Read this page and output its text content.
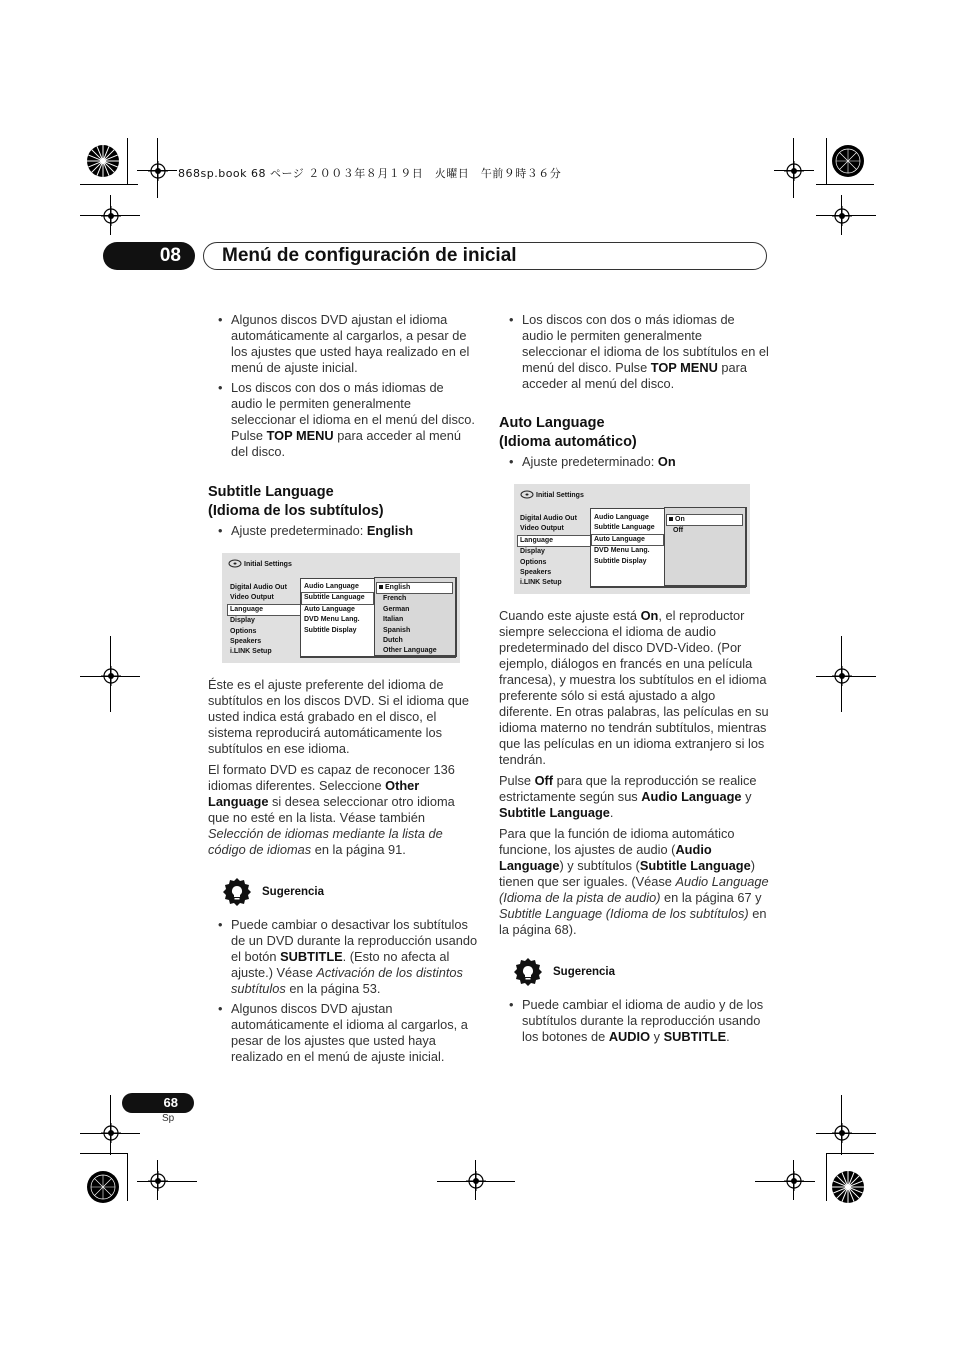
868sp.book 68 ページ ２００３年８月１９日　火曜日　午前９時３６分
08	Menú de configuración de inicial
• Algunos discos DVD ajustan el idioma automáticamente al cargarlos, a pesar de los ajustes que usted haya realizado en el menú de ajuste inicial.
• Los discos con dos o más idiomas de audio le permiten generalmente seleccionar el idioma en el menú del disco. Pulse TOP MENU para acceder al menú del disco.
Subtitle Language
(Idioma de los subtítulos)
• Ajuste predeterminado: English
Initial Settings
Digital Audio Out
Video Output
Language
Display
Options
Speakers
i.LINK Setup
Audio Language
Subtitle Language
Auto Language
DVD Menu Lang.
Subtitle Display
English
French
German
Italian
Spanish
Dutch
Other Language

Éste es el ajuste preferente del idioma de subtítulos en los discos DVD. Si el idioma que usted indica está grabado en el disco, el sistema reproducirá automáticamente los subtítulos en ese idioma.

El formato DVD es capaz de reconocer 136 idiomas diferentes. Seleccione Other Language si desea seleccionar otro idioma que no esté en la lista. Véase también Selección de idiomas mediante la lista de código de idiomas en la página 91.

Sugerencia
• Puede cambiar o desactivar los subtítulos de un DVD durante la reproducción usando el botón SUBTITLE. (Esto no afecta al ajuste.) Véase Activación de los distintos subtítulos en la página 53.
• Algunos discos DVD ajustan automáticamente el idioma al cargarlos, a pesar de los ajustes que usted haya realizado en el menú de ajuste inicial.
• Los discos con dos o más idiomas de audio le permiten generalmente seleccionar el idioma de los subtítulos en el menú del disco. Pulse TOP MENU para acceder al menú del disco.
Auto Language
(Idioma automático)
• Ajuste predeterminado: On
Initial Settings
Digital Audio Out
Video Output
Language
Display
Options
Speakers
i.LINK Setup
Audio Language
Subtitle Language
Auto Language
DVD Menu Lang.
Subtitle Display
On
Off

Cuando este ajuste está On, el reproductor siempre selecciona el idioma de audio predeterminado del disco DVD-Video. (Por ejemplo, diálogos en francés en una película francesa), y muestra los subtítulos en el idioma preferente sólo si está ajustado a algo diferente. En otras palabras, las películas en su idioma materno no tendrán subtítulos, mientras que las películas en un idioma extranjero si los tendrán.

Pulse Off para que la reproducción se realice estrictamente según sus Audio Language y Subtitle Language.

Para que la función de idioma automático funcione, los ajustes de audio (Audio Language) y subtítulos (Subtitle Language) tienen que ser iguales. (Véase Audio Language (Idioma de la pista de audio) en la página 67 y Subtitle Language (Idioma de los subtítulos) en la página 68).

Sugerencia
• Puede cambiar el idioma de audio y de los subtítulos durante la reproducción usando los botones de AUDIO y SUBTITLE.
68
Sp
